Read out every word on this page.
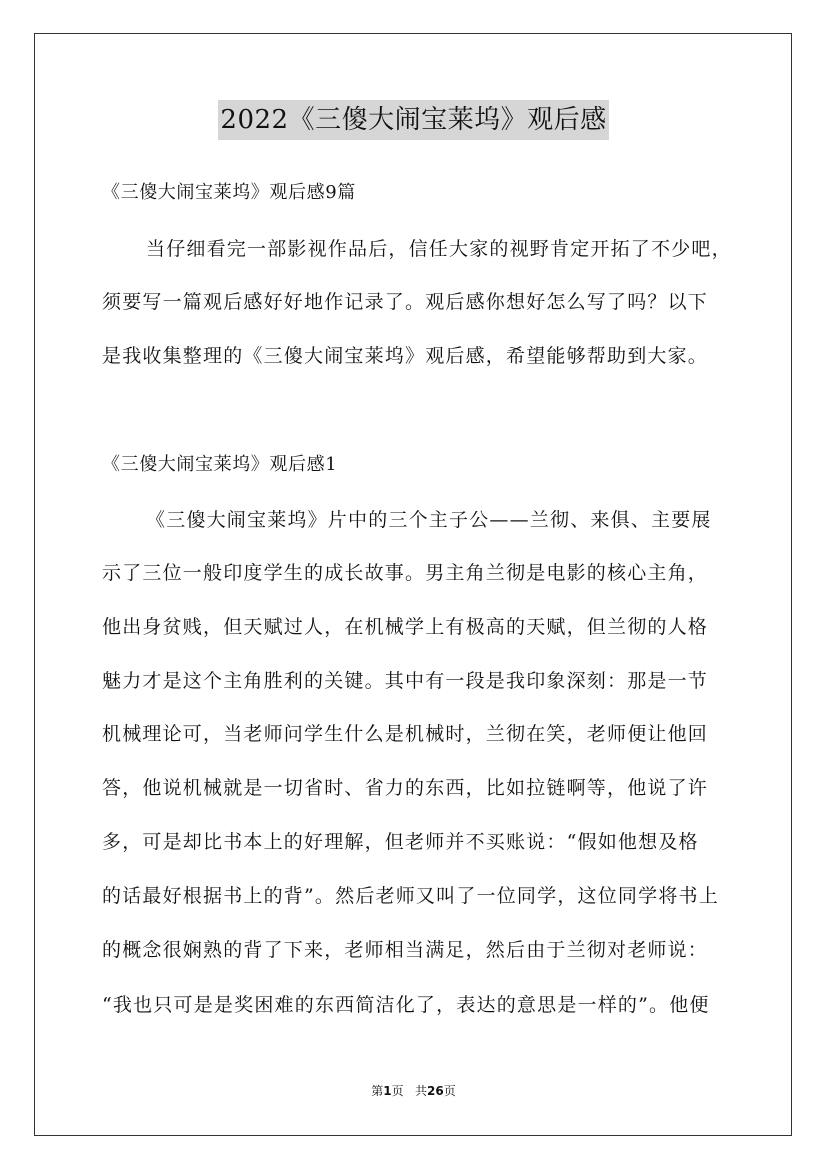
2022《三傻大闹宝莱坞》观后感
《三傻大闹宝莱坞》观后感9篇
当仔细看完一部影视作品后，信任大家的视野肯定开拓了不少吧，
须要写一篇观后感好好地作记录了。观后感你想好怎么写了吗？以下
是我收集整理的《三傻大闹宝莱坞》观后感，希望能够帮助到大家。
《三傻大闹宝莱坞》观后感1
《三傻大闹宝莱坞》片中的三个主子公——兰彻、来俱、主要展
示了三位一般印度学生的成长故事。男主角兰彻是电影的核心主角，
他出身贫贱，但天赋过人，在机械学上有极高的天赋，但兰彻的人格
魅力才是这个主角胜利的关键。其中有一段是我印象深刻：那是一节
机械理论可，当老师问学生什么是机械时，兰彻在笑，老师便让他回
答，他说机械就是一切省时、省力的东西，比如拉链啊等，他说了许
多，可是却比书本上的好理解，但老师并不买账说：“假如他想及格
的话最好根据书上的背”。然后老师又叫了一位同学，这位同学将书上
的概念很娴熟的背了下来，老师相当满足，然后由于兰彻对老师说：
“我也只可是是奖困难的东西简洁化了，表达的意思是一样的”。他便
第1页   共26页
